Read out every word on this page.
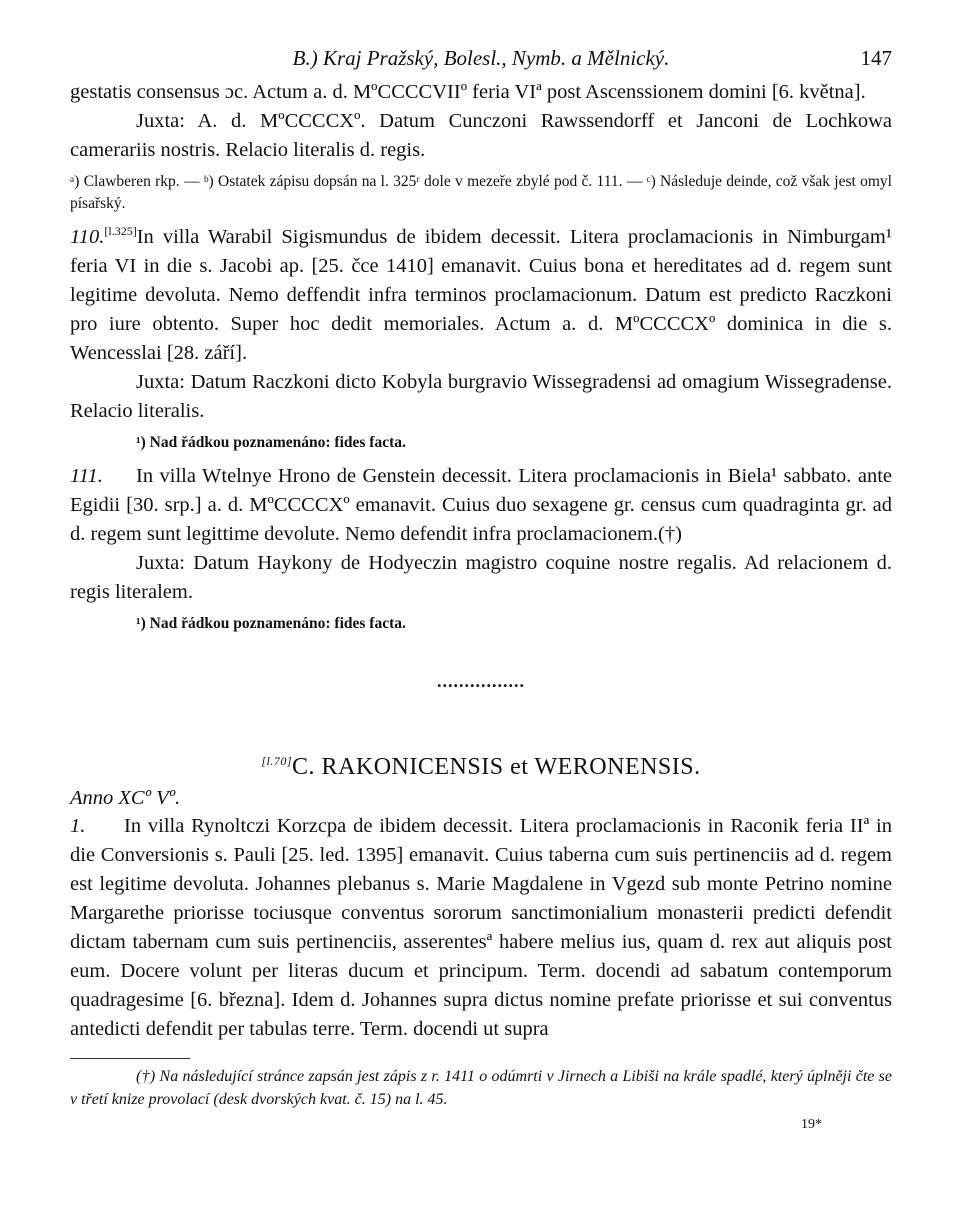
B.) Kraj Pražský, Bolesl., Nymb. a Mělnický.	147

gestatis consensus ɔc. Actum a. d. MºCCCCVIIº feria VIª post Ascenssionem domini [6. května].

Juxta: A. d. MºCCCCXº. Datum Cunczoni Rawssendorff et Janconi de Lochkowa camerariis nostris. Relacio literalis d. regis.

ᵃ) Clawberen rkp. — ᵇ) Ostatek zápisu dopsán na l. 325ʳ dole v mezeře zbylé pod č. 111. — ᶜ) Následuje deinde, což však jest omyl písařský.

110.[l.325]In villa Warabil Sigismundus de ibidem decessit. Litera proclamacionis in Nimburgam¹ feria VI in die s. Jacobi ap. [25. čce 1410] emanavit. Cuius bona et hereditates ad d. regem sunt legitime devoluta. Nemo deffendit infra terminos proclamacionum. Datum est predicto Raczkoni pro iure obtento. Super hoc dedit memoriales. Actum a. d. MºCCCCXº dominica in die s. Wencesslai [28. září].

Juxta: Datum Raczkoni dicto Kobyla burgravio Wissegradensi ad omagium Wissegradense. Relacio literalis.

¹) Nad řádkou poznamenáno: fides facta.

111. In villa Wtelnye Hrono de Genstein decessit. Litera proclamacionis in Biela¹ sabbato. ante Egidii [30. srp.] a. d. MºCCCCXº emanavit. Cuius duo sexagene gr. census cum quadraginta gr. ad d. regem sunt legittime devolute. Nemo defendit infra proclamacionem.(†)

Juxta: Datum Haykony de Hodyeczin magistro coquine nostre regalis. Ad relacionem d. regis literalem.

¹) Nad řádkou poznamenáno: fides facta.

................
[l.70]C. RAKONICENSIS et WERONENSIS.
Anno XCº Vº.

1. In villa Rynoltczi Korzcpa de ibidem decessit. Litera proclamacionis in Raconik feria IIª in die Conversionis s. Pauli [25. led. 1395] emanavit. Cuius taberna cum suis pertinenciis ad d. regem est legitime devoluta. Johannes plebanus s. Marie Magdalene in Vgezd sub monte Petrino nomine Margarethe priorisse tociusque conventus sororum sanctimonialium monasterii predicti defendit dictam tabernam cum suis pertinenciis, asserentesª habere melius ius, quam d. rex aut aliquis post eum. Docere volunt per literas ducum et principum. Term. docendi ad sabatum contemporum quadragesime [6. března]. Idem d. Johannes supra dictus nomine prefate priorisse et sui conventus antedicti defendit per tabulas terre. Term. docendi ut supra

(†) Na následující stránce zapsán jest zápis z r. 1411 o odúmrti v Jirnech a Libiši na krále spadlé, který úplněji čte se v třetí knize provolací (desk dvorských kvat. č. 15) na l. 45.

19*
